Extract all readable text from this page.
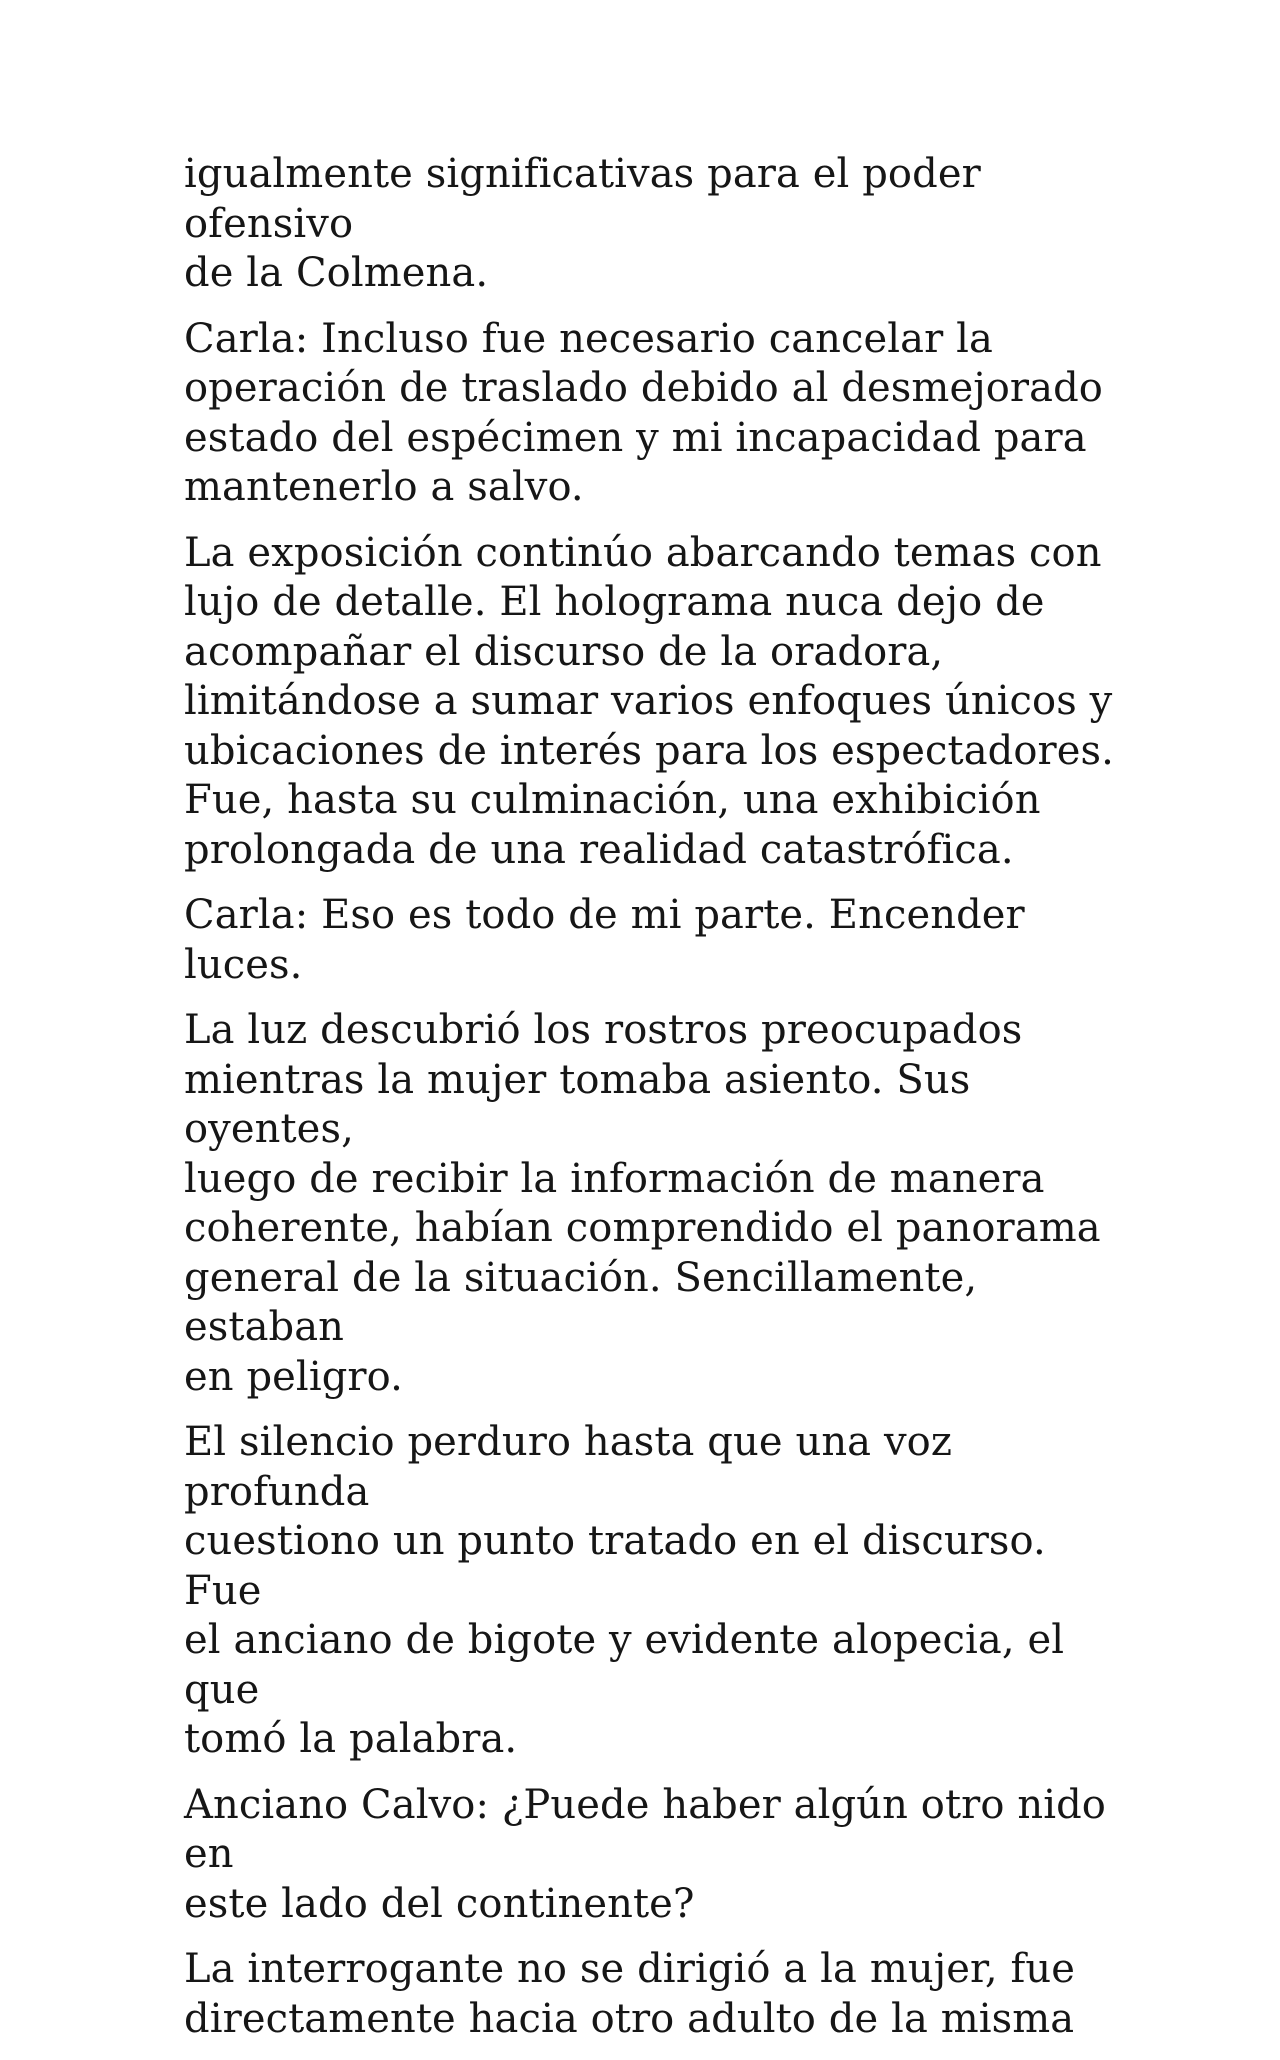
igualmente significativas para el poder ofensivo
de la Colmena.
Carla: Incluso fue necesario cancelar la
operación de traslado debido al desmejorado
estado del espécimen y mi incapacidad para
mantenerlo a salvo.
La exposición continúo abarcando temas con
lujo de detalle. El holograma nuca dejo de
acompañar el discurso de la oradora,
limitándose a sumar varios enfoques únicos y
ubicaciones de interés para los espectadores.
Fue, hasta su culminación, una exhibición
prolongada de una realidad catastrófica.
Carla: Eso es todo de mi parte. Encender luces.
La luz descubrió los rostros preocupados
mientras la mujer tomaba asiento. Sus oyentes,
luego de recibir la información de manera
coherente, habían comprendido el panorama
general de la situación. Sencillamente, estaban
en peligro.
El silencio perduro hasta que una voz profunda
cuestiono un punto tratado en el discurso. Fue
el anciano de bigote y evidente alopecia, el que
tomó la palabra.
Anciano Calvo: ¿Puede haber algún otro nido en
este lado del continente?
La interrogante no se dirigió a la mujer, fue
directamente hacia otro adulto de la misma
